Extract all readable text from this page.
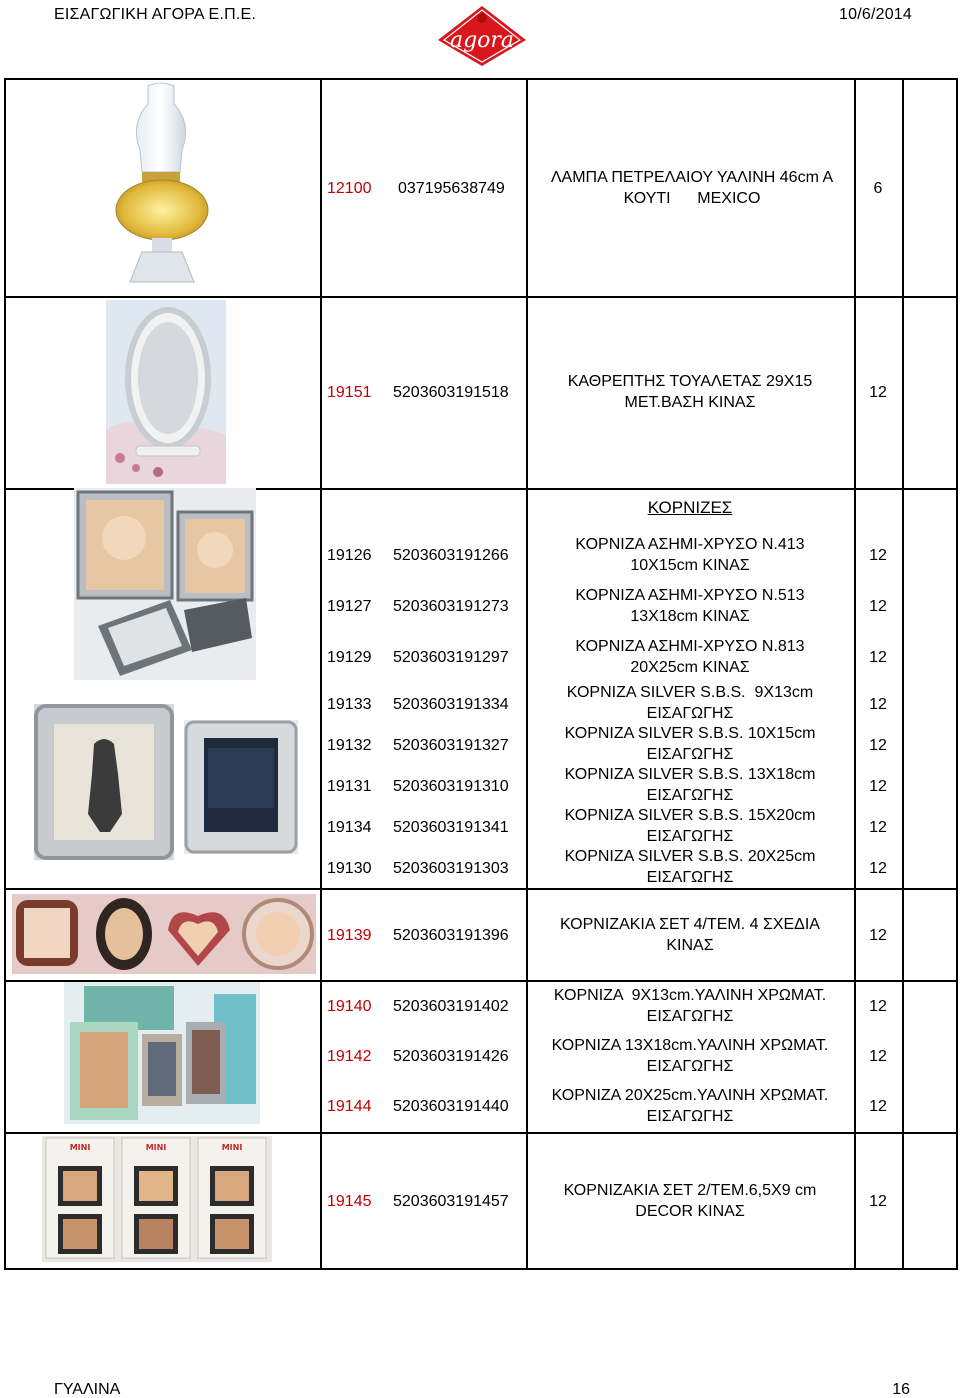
ΕΙΣΑΓΩΓΙΚΗ ΑΓΟΡΑ Ε.Π.Ε.	10/6/2014
agora
MINI	MINI	MINI
12100	037195638749
ΛΑΜΠΑ ΠΕΤΡΕΛΑΙΟΥ ΥΑΛΙΝΗ 46cm A
ΚΟΥΤΙ      MEXICO
6
19151	5203603191518
ΚΑΘΡΕΠΤΗΣ ΤΟΥΑΛΕΤΑΣ 29Χ15
ΜΕΤ.ΒΑΣΗ ΚΙΝΑΣ
12
ΚΟΡΝΙΖΕΣ
19126	5203603191266
ΚΟΡΝΙΖΑ ΑΣΗΜΙ-ΧΡΥΣΟ Ν.413
10Χ15cm ΚΙΝΑΣ
12
19127	5203603191273
ΚΟΡΝΙΖΑ ΑΣΗΜΙ-ΧΡΥΣΟ Ν.513
13Χ18cm ΚΙΝΑΣ
12
19129	5203603191297
ΚΟΡΝΙΖΑ ΑΣΗΜΙ-ΧΡΥΣΟ Ν.813
20Χ25cm ΚΙΝΑΣ
12
19133	5203603191334
ΚΟΡΝΙΖΑ SILVER S.B.S.  9X13cm
ΕΙΣΑΓΩΓΗΣ
12
19132	5203603191327
ΚΟΡΝΙΖΑ SILVER S.B.S. 10X15cm
ΕΙΣΑΓΩΓΗΣ
12
19131	5203603191310
ΚΟΡΝΙΖΑ SILVER S.B.S. 13X18cm
ΕΙΣΑΓΩΓΗΣ
12
19134	5203603191341
ΚΟΡΝΙΖΑ SILVER S.B.S. 15X20cm
ΕΙΣΑΓΩΓΗΣ
12
19130	5203603191303
ΚΟΡΝΙΖΑ SILVER S.B.S. 20X25cm
ΕΙΣΑΓΩΓΗΣ
12
19139	5203603191396
ΚΟΡΝΙΖΑΚΙΑ ΣΕΤ 4/ΤΕΜ. 4 ΣΧΕΔΙΑ
ΚΙΝΑΣ
12
19140	5203603191402
ΚΟΡΝΙΖΑ  9Χ13cm.ΥΑΛΙΝΗ ΧΡΩΜΑΤ.
ΕΙΣΑΓΩΓΗΣ
12
19142	5203603191426
ΚΟΡΝΙΖΑ 13Χ18cm.ΥΑΛΙΝΗ ΧΡΩΜΑΤ.
ΕΙΣΑΓΩΓΗΣ
12
19144	5203603191440
ΚΟΡΝΙΖΑ 20Χ25cm.ΥΑΛΙΝΗ ΧΡΩΜΑΤ.
ΕΙΣΑΓΩΓΗΣ
12
19145	5203603191457
ΚΟΡΝΙΖΑΚΙΑ ΣΕΤ 2/ΤΕΜ.6,5Χ9 cm
DECOR ΚΙΝΑΣ
12
ΓΥΑΛΙΝΑ	16
